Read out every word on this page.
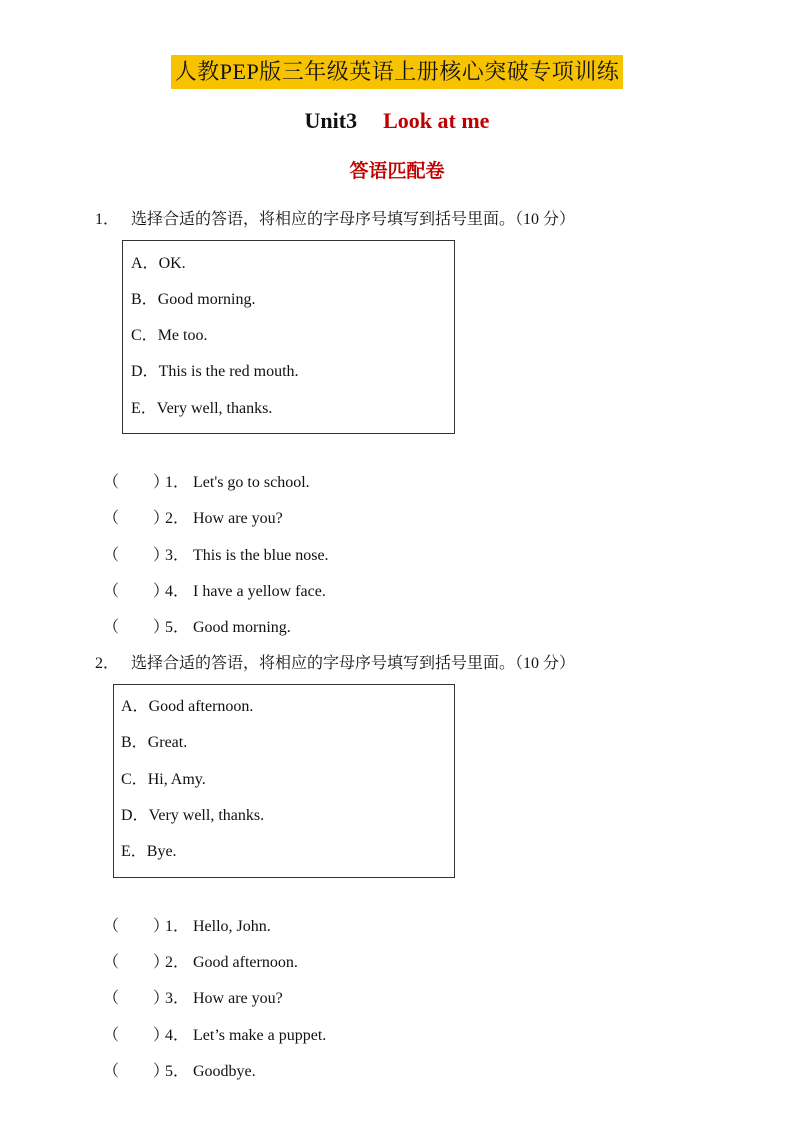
人教PEP版三年级英语上册核心突破专项训练
Unit3 Look at me
答语匹配卷
1． 选择合适的答语，将相应的字母序号填写到括号里面。（10 分）
A．OK.
B．Good morning.
C．Me too.
D．This is the red mouth.
E．Very well, thanks.
（ ）1． Let's go to school.
（ ）2． How are you?
（ ）3． This is the blue nose.
（ ）4． I have a yellow face.
（ ）5． Good morning.
2． 选择合适的答语，将相应的字母序号填写到括号里面。（10 分）
A．Good afternoon.
B．Great.
C．Hi, Amy.
D．Very well, thanks.
E．Bye.
（ ）1． Hello, John.
（ ）2． Good afternoon.
（ ）3． How are you?
（ ）4． Let’s make a puppet.
（ ）5． Goodbye.
